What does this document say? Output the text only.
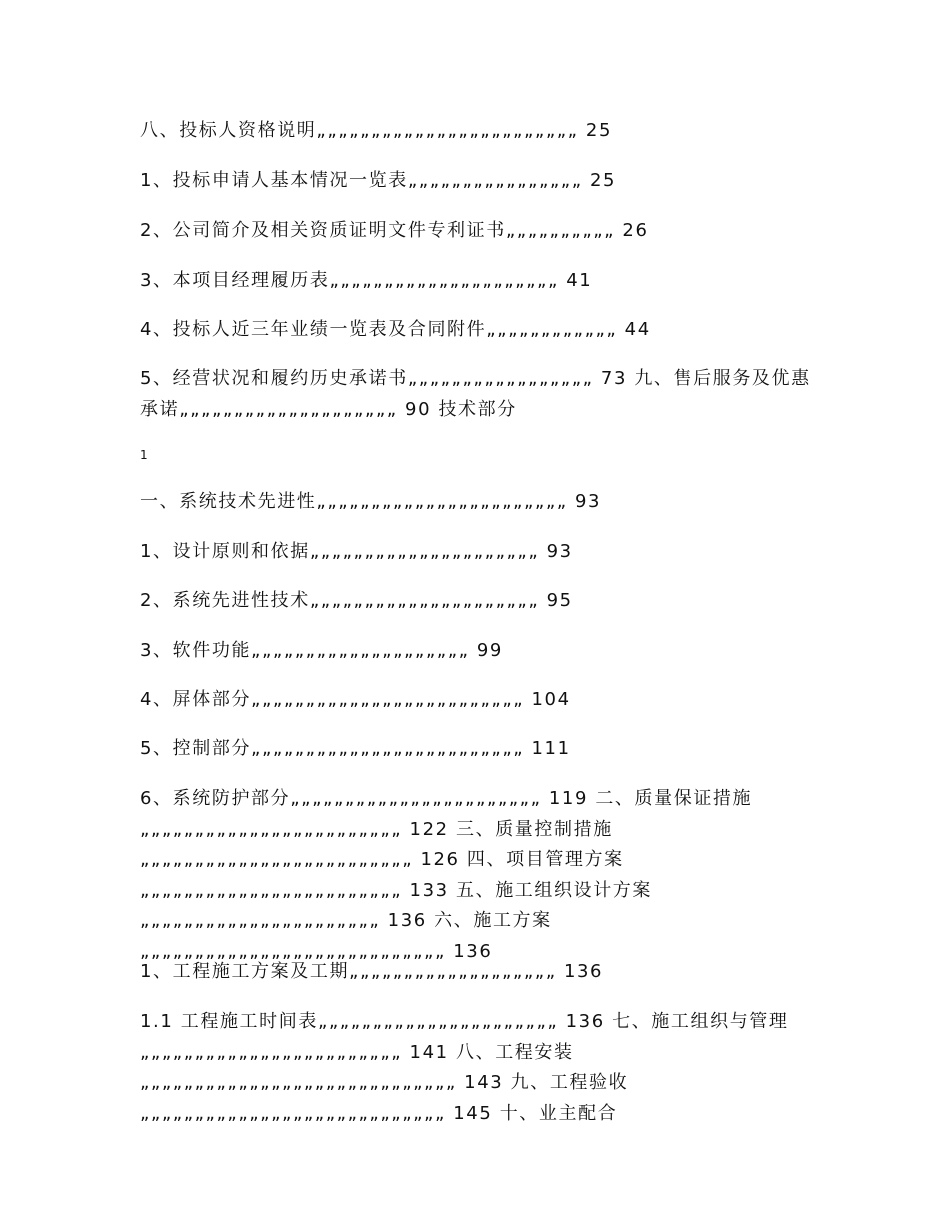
八、投标人资格说明„„„„„„„„„„„„„„„„„„„„„„„„ 25
1、投标申请人基本情况一览表„„„„„„„„„„„„„„„„ 25
2、公司简介及相关资质证明文件专利证书„„„„„„„„„„ 26
3、本项目经理履历表„„„„„„„„„„„„„„„„„„„„„ 41
4、投标人近三年业绩一览表及合同附件„„„„„„„„„„„„ 44
5、经营状况和履约历史承诺书„„„„„„„„„„„„„„„„„ 73 九、售后服务及优惠承诺„„„„„„„„„„„„„„„„„„„„ 90 技术部分
1
一、系统技术先进性„„„„„„„„„„„„„„„„„„„„„„„ 93
1、设计原则和依据„„„„„„„„„„„„„„„„„„„„„ 93
2、系统先进性技术„„„„„„„„„„„„„„„„„„„„„ 95
3、软件功能„„„„„„„„„„„„„„„„„„„„ 99
4、屏体部分„„„„„„„„„„„„„„„„„„„„„„„„„ 104
5、控制部分„„„„„„„„„„„„„„„„„„„„„„„„„ 111
6、系统防护部分„„„„„„„„„„„„„„„„„„„„„„„ 119 二、质量保证措施„„„„„„„„„„„„„„„„„„„„„„„„ 122 三、质量控制措施„„„„„„„„„„„„„„„„„„„„„„„„„ 126 四、项目管理方案„„„„„„„„„„„„„„„„„„„„„„„„ 133 五、施工组织设计方案„„„„„„„„„„„„„„„„„„„„„„ 136 六、施工方案„„„„„„„„„„„„„„„„„„„„„„„„„„„„ 136
1、工程施工方案及工期„„„„„„„„„„„„„„„„„„„ 136
1.1 工程施工时间表„„„„„„„„„„„„„„„„„„„„„„ 136 七、施工组织与管理„„„„„„„„„„„„„„„„„„„„„„„„ 141 八、工程安装„„„„„„„„„„„„„„„„„„„„„„„„„„„„„ 143 九、工程验收„„„„„„„„„„„„„„„„„„„„„„„„„„„„ 145 十、业主配合
